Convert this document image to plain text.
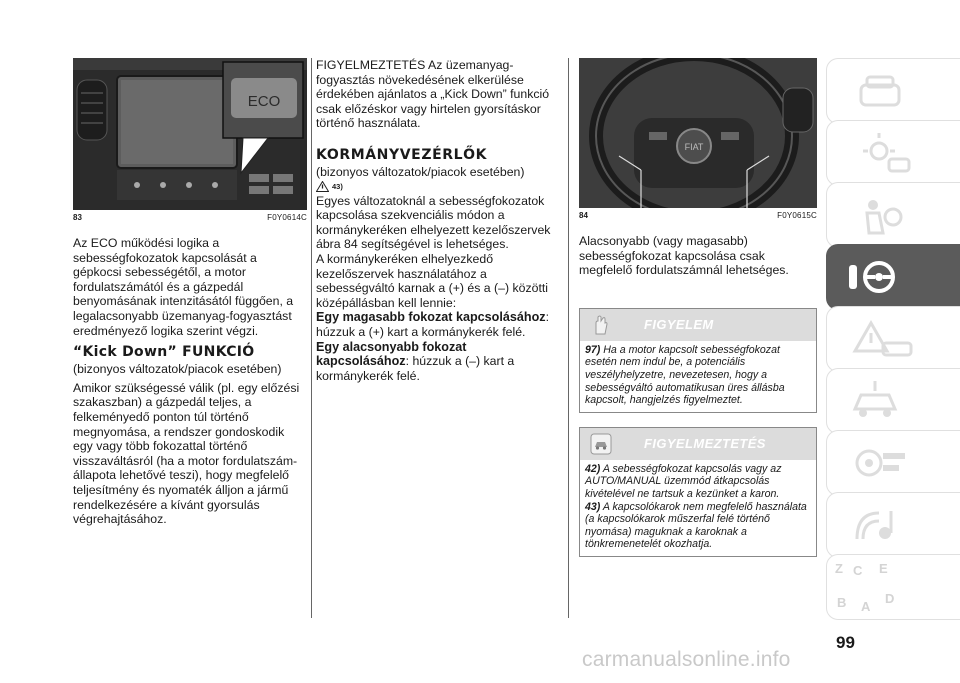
ECO
83	F0Y0614C

Az ECO működési logika a sebességfokozatok kapcsolását a gépkocsi sebességétől, a motor fordulatszámától és a gázpedál benyomásának intenzitásától függően, a legalacsonyabb üzemanyag-fogyasztást eredményező logika szerint végzi.

“Kick Down” FUNKCIÓ

(bizonyos változatok/piacok esetében)

Amikor szükségessé válik (pl. egy előzési szakaszban) a gázpedál teljes, a felkeményedő ponton túl történő megnyomása, a rendszer gondoskodik egy vagy több fokozattal történő visszaváltásról (ha a motor fordulatszám-állapota lehetővé teszi), hogy megfelelő teljesítmény és nyomaték álljon a jármű rendelkezésére a kívánt gyorsulás végrehajtásához.

FIGYELMEZTETÉS Az üzemanyag-fogyasztás növekedésének elkerülése érdekében ajánlatos a „Kick Down” funkció csak előzéskor vagy hirtelen gyorsításkor történő használata.

KORMÁNYVEZÉRLŐK

(bizonyos változatok/piacok esetében)

43)

Egyes változatoknál a sebességfokozatok kapcsolása szekvenciális módon a kormánykeréken elhelyezett kezelőszervek ábra 84 segítségével is lehetséges.

A kormánykeréken elhelyezkedő kezelőszervek használatához a sebességváltó karnak a (+) és a (–) közötti középállásban kell lennie:

Egy magasabb fokozat kapcsolásához: húzzuk a (+) kart a kormánykerék felé.

Egy alacsonyabb fokozat kapcsolásához: húzzuk a (–) kart a kormánykerék felé.

FIAT
84	F0Y0615C

Alacsonyabb (vagy magasabb) sebességfokozat kapcsolása csak megfelelő fordulatszámnál lehetséges.

FIGYELEM
97) Ha a motor kapcsolt sebességfokozat esetén nem indul be, a potenciális veszélyhelyzetre, nevezetesen, hogy a sebességváltó automatikusan üres állásba kapcsolt, hangjelzés figyelmeztet.
FIGYELMEZTETÉS
42) A sebességfokozat kapcsolás vagy az AUTO/MANUAL üzemmód átkapcsolás kivételével ne tartsuk a kezünket a karon.
43) A kapcsolókarok nem megfelelő használata (a kapcsolókarok műszerfal felé történő nyomása) maguknak a karoknak a tönkremenetelét okozhatja.
Z C E
B A
D
99
carmanualsonline.info
